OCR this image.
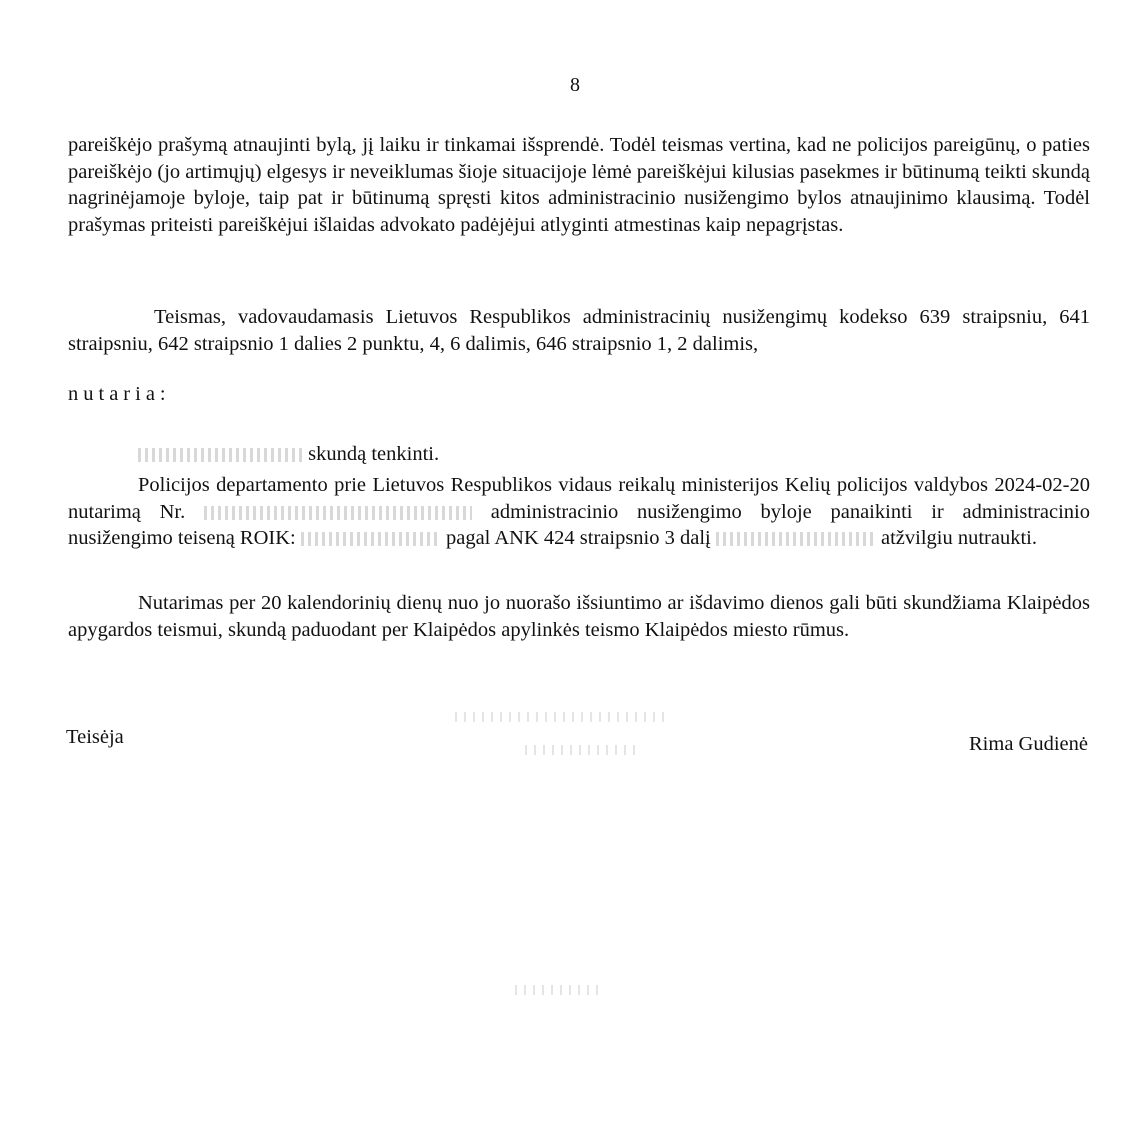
8

pareiškėjo prašymą atnaujinti bylą, jį laiku ir tinkamai išsprendė. Todėl teismas vertina, kad ne policijos pareigūnų, o paties pareiškėjo (jo artimųjų) elgesys ir neveiklumas šioje situacijoje lėmė pareiškėjui kilusias pasekmes ir būtinumą teikti skundą nagrinėjamoje byloje, taip pat ir būtinumą spręsti kitos administracinio nusižengimo bylos atnaujinimo klausimą. Todėl prašymas priteisti pareiškėjui išlaidas advokato padėjėjui atlyginti atmestinas kaip nepagrįstas.

Teismas, vadovaudamasis Lietuvos Respublikos administracinių nusižengimų kodekso 639 straipsniu, 641 straipsniu, 642 straipsnio 1 dalies 2 punktu, 4, 6 dalimis, 646 straipsnio 1, 2 dalimis,

nutaria:

skundą tenkinti.

Policijos departamento prie Lietuvos Respublikos vidaus reikalų ministerijos Kelių policijos valdybos 2024-02-20 nutarimą Nr.	administracinio nusižengimo byloje panaikinti ir administracinio nusižengimo teiseną ROIK:	pagal ANK 424 straipsnio 3 dalį	atžvilgiu nutraukti.

Nutarimas per 20 kalendorinių dienų nuo jo nuorašo išsiuntimo ar išdavimo dienos gali būti skundžiama Klaipėdos apygardos teismui, skundą paduodant per Klaipėdos apylinkės teismo Klaipėdos miesto rūmus.

Teisėja	Rima Gudienė
